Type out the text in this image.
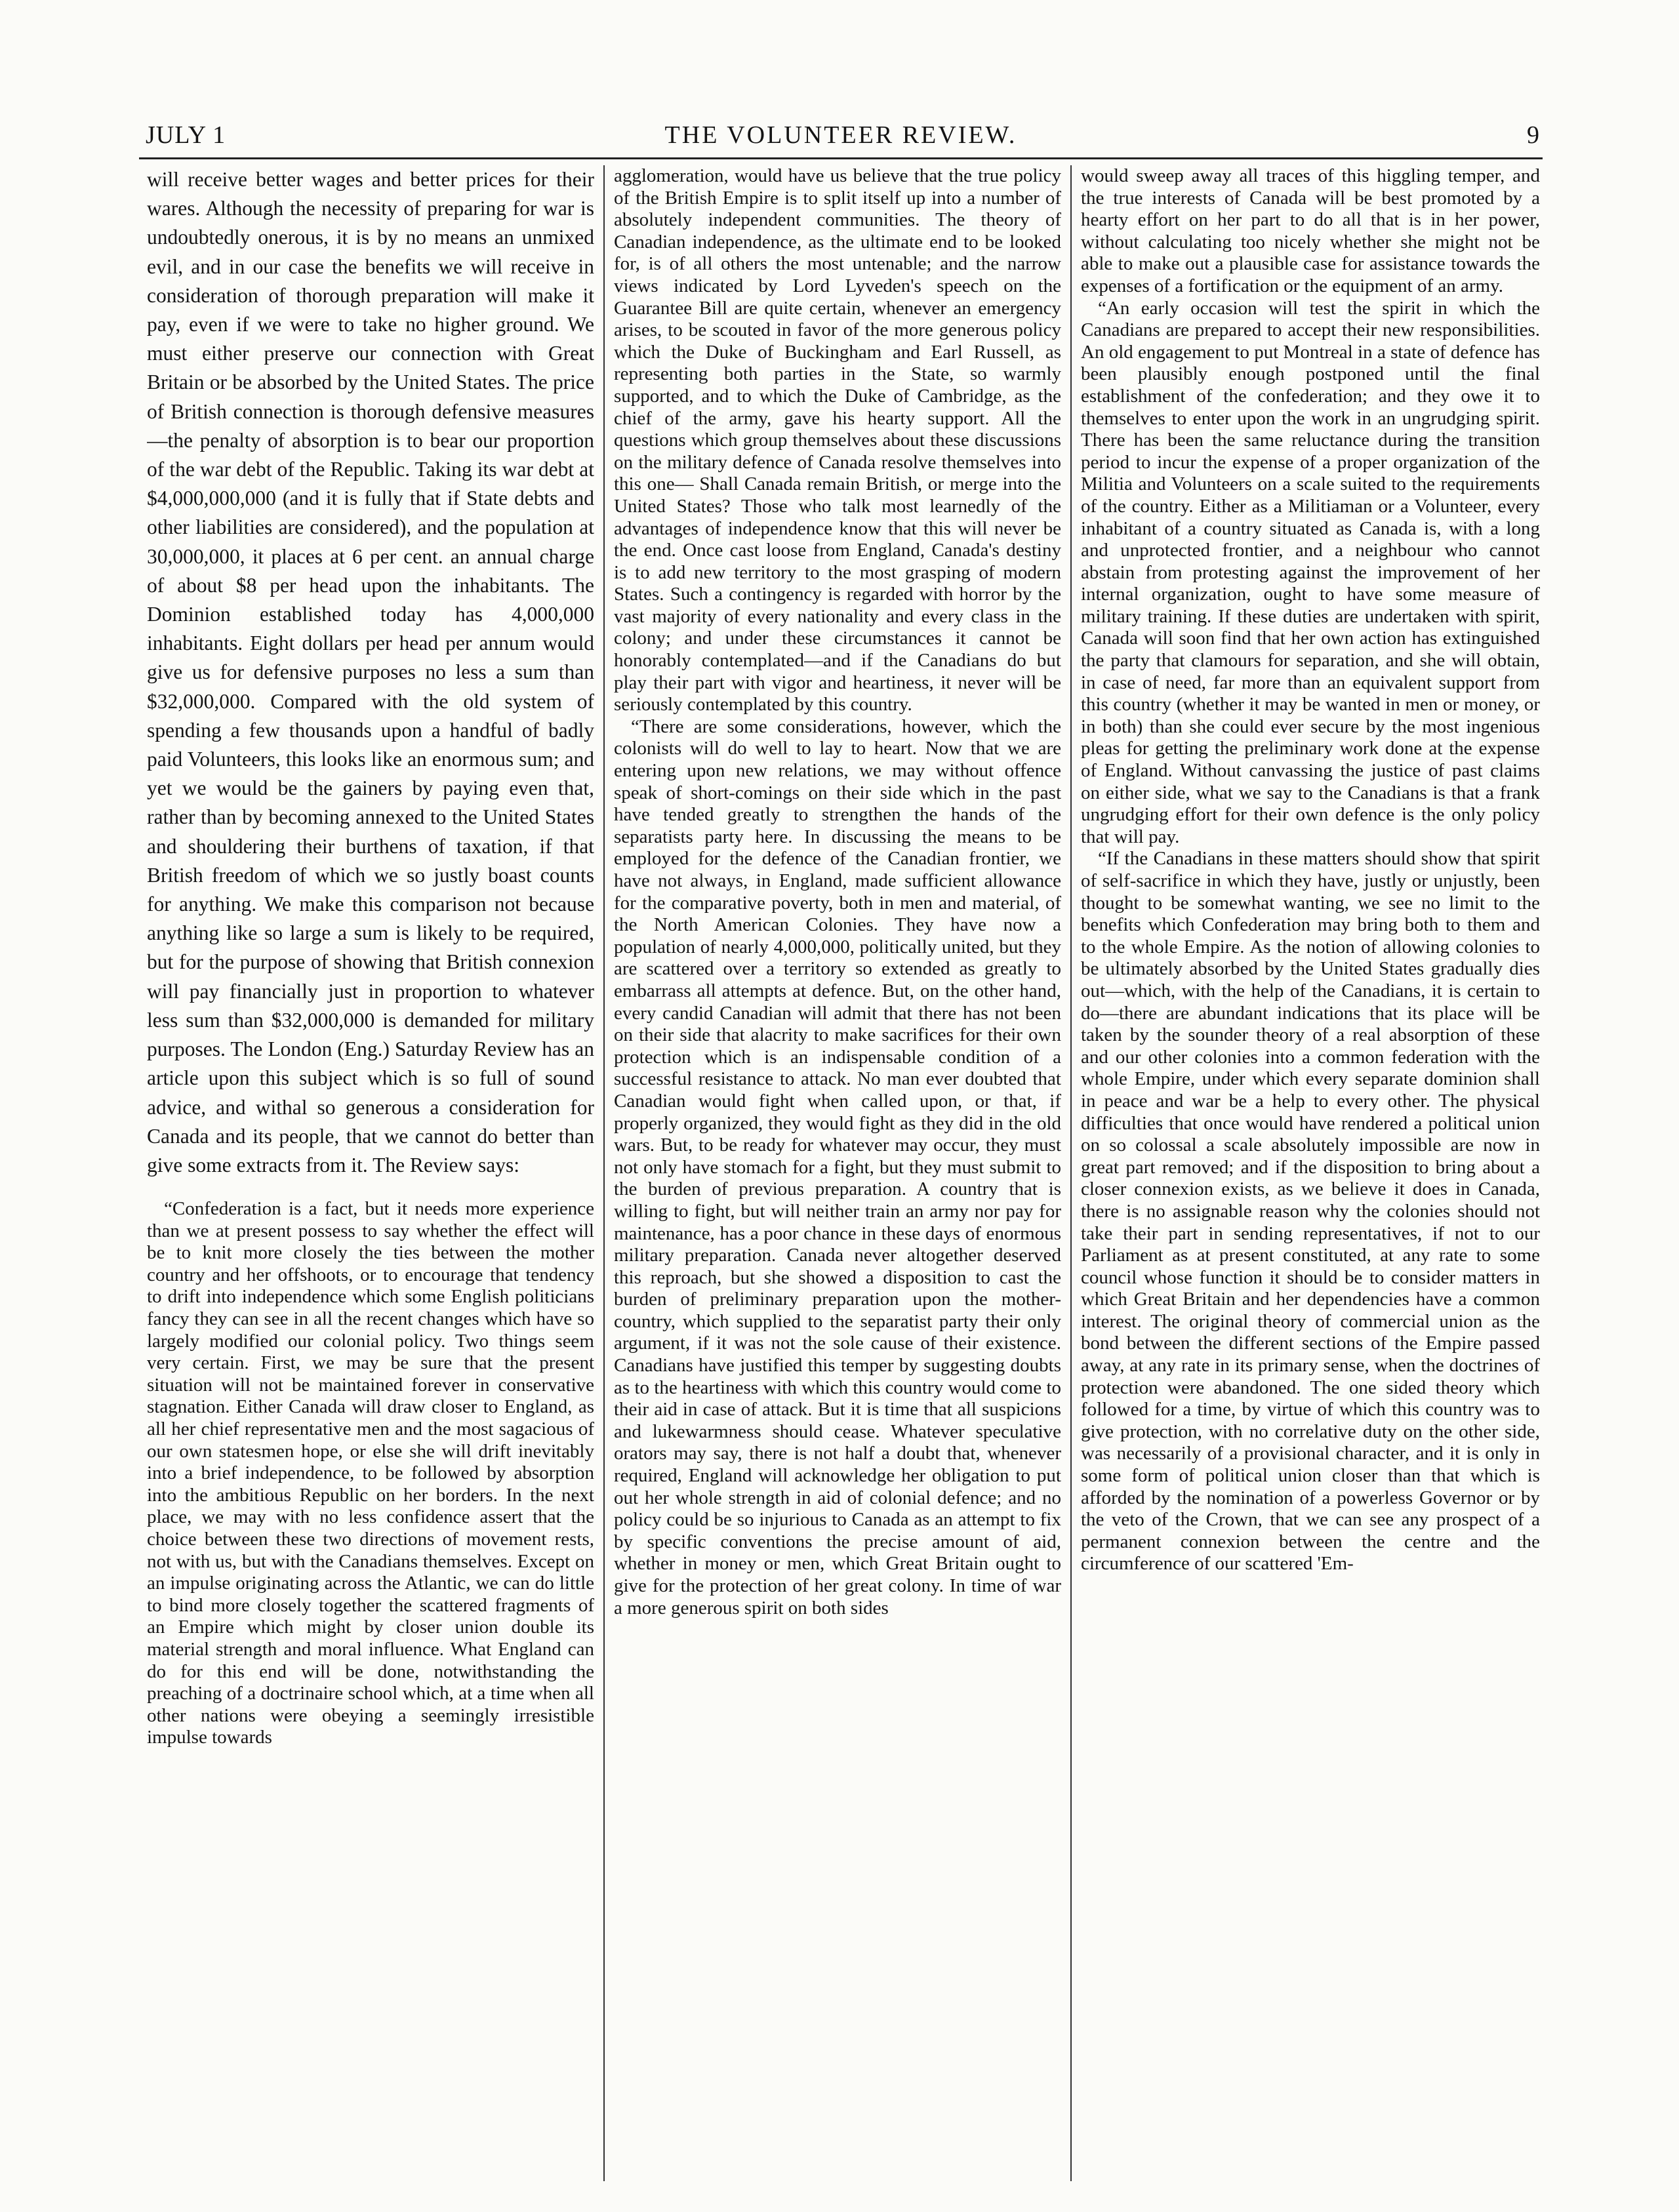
JULY 1	THE VOLUNTEER REVIEW.	9

will receive better wages and better prices for their wares. Although the necessity of preparing for war is undoubtedly onerous, it is by no means an unmixed evil, and in our case the benefits we will receive in consideration of thorough preparation will make it pay, even if we were to take no higher ground. We must either preserve our connection with Great Britain or be absorbed by the United States. The price of British connection is thorough defensive measures —the penalty of absorption is to bear our proportion of the war debt of the Republic. Taking its war debt at $4,000,000,000 (and it is fully that if State debts and other liabilities are considered), and the population at 30,000,000, it places at 6 per cent. an annual charge of about $8 per head upon the inhabitants. The Dominion established today has 4,000,000 inhabitants. Eight dollars per head per annum would give us for defensive purposes no less a sum than $32,000,000. Compared with the old system of spending a few thousands upon a handful of badly paid Volunteers, this looks like an enormous sum; and yet we would be the gainers by paying even that, rather than by becoming annexed to the United States and shouldering their burthens of taxation, if that British freedom of which we so justly boast counts for anything. We make this comparison not because anything like so large a sum is likely to be required, but for the purpose of showing that British connexion will pay financially just in proportion to whatever less sum than $32,000,000 is demanded for military purposes. The London (Eng.) Saturday Review has an article upon this subject which is so full of sound advice, and withal so generous a consideration for Canada and its people, that we cannot do better than give some extracts from it. The Review says:

“Confederation is a fact, but it needs more experience than we at present possess to say whether the effect will be to knit more closely the ties between the mother country and her offshoots, or to encourage that tendency to drift into independence which some English politicians fancy they can see in all the recent changes which have so largely modified our colonial policy. Two things seem very certain. First, we may be sure that the present situation will not be maintained forever in conservative stagnation. Either Canada will draw closer to England, as all her chief representative men and the most sagacious of our own statesmen hope, or else she will drift inevitably into a brief independence, to be followed by absorption into the ambitious Republic on her borders. In the next place, we may with no less confidence assert that the choice between these two directions of movement rests, not with us, but with the Canadians themselves. Except on an impulse originating across the Atlantic, we can do little to bind more closely together the scattered fragments of an Empire which might by closer union double its material strength and moral influence. What England can do for this end will be done, notwithstanding the preaching of a doctrinaire school which, at a time when all other nations were obeying a seemingly irresistible impulse towards

agglomeration, would have us believe that the true policy of the British Empire is to split itself up into a number of absolutely independent communities. The theory of Canadian independence, as the ultimate end to be looked for, is of all others the most untenable; and the narrow views indicated by Lord Lyveden's speech on the Guarantee Bill are quite certain, whenever an emergency arises, to be scouted in favor of the more generous policy which the Duke of Buckingham and Earl Russell, as representing both parties in the State, so warmly supported, and to which the Duke of Cambridge, as the chief of the army, gave his hearty support. All the questions which group themselves about these discussions on the military defence of Canada resolve themselves into this one— Shall Canada remain British, or merge into the United States? Those who talk most learnedly of the advantages of independence know that this will never be the end. Once cast loose from England, Canada's destiny is to add new territory to the most grasping of modern States. Such a contingency is regarded with horror by the vast majority of every nationality and every class in the colony; and under these circumstances it cannot be honorably contemplated—and if the Canadians do but play their part with vigor and heartiness, it never will be seriously contemplated by this country.

“There are some considerations, however, which the colonists will do well to lay to heart. Now that we are entering upon new relations, we may without offence speak of short-comings on their side which in the past have tended greatly to strengthen the hands of the separatists party here. In discussing the means to be employed for the defence of the Canadian frontier, we have not always, in England, made sufficient allowance for the comparative poverty, both in men and material, of the North American Colonies. They have now a population of nearly 4,000,000, politically united, but they are scattered over a territory so extended as greatly to embarrass all attempts at defence. But, on the other hand, every candid Canadian will admit that there has not been on their side that alacrity to make sacrifices for their own protection which is an indispensable condition of a successful resistance to attack. No man ever doubted that Canadian would fight when called upon, or that, if properly organized, they would fight as they did in the old wars. But, to be ready for whatever may occur, they must not only have stomach for a fight, but they must submit to the burden of previous preparation. A country that is willing to fight, but will neither train an army nor pay for maintenance, has a poor chance in these days of enormous military preparation. Canada never altogether deserved this reproach, but she showed a disposition to cast the burden of preliminary preparation upon the mother-country, which supplied to the separatist party their only argument, if it was not the sole cause of their existence. Canadians have justified this temper by suggesting doubts as to the heartiness with which this country would come to their aid in case of attack. But it is time that all suspicions and lukewarmness should cease. Whatever speculative orators may say, there is not half a doubt that, whenever required, England will acknowledge her obligation to put out her whole strength in aid of colonial defence; and no policy could be so injurious to Canada as an attempt to fix by specific conventions the precise amount of aid, whether in money or men, which Great Britain ought to give for the protection of her great colony. In time of war a more generous spirit on both sides

would sweep away all traces of this higgling temper, and the true interests of Canada will be best promoted by a hearty effort on her part to do all that is in her power, without calculating too nicely whether she might not be able to make out a plausible case for assistance towards the expenses of a fortification or the equipment of an army.

“An early occasion will test the spirit in which the Canadians are prepared to accept their new responsibilities. An old engagement to put Montreal in a state of defence has been plausibly enough postponed until the final establishment of the confederation; and they owe it to themselves to enter upon the work in an ungrudging spirit. There has been the same reluctance during the transition period to incur the expense of a proper organization of the Militia and Volunteers on a scale suited to the requirements of the country. Either as a Militiaman or a Volunteer, every inhabitant of a country situated as Canada is, with a long and unprotected frontier, and a neighbour who cannot abstain from protesting against the improvement of her internal organization, ought to have some measure of military training. If these duties are undertaken with spirit, Canada will soon find that her own action has extinguished the party that clamours for separation, and she will obtain, in case of need, far more than an equivalent support from this country (whether it may be wanted in men or money, or in both) than she could ever secure by the most ingenious pleas for getting the preliminary work done at the expense of England. Without canvassing the justice of past claims on either side, what we say to the Canadians is that a frank ungrudging effort for their own defence is the only policy that will pay.

“If the Canadians in these matters should show that spirit of self-sacrifice in which they have, justly or unjustly, been thought to be somewhat wanting, we see no limit to the benefits which Confederation may bring both to them and to the whole Empire. As the notion of allowing colonies to be ultimately absorbed by the United States gradually dies out—which, with the help of the Canadians, it is certain to do—there are abundant indications that its place will be taken by the sounder theory of a real absorption of these and our other colonies into a common federation with the whole Empire, under which every separate dominion shall in peace and war be a help to every other. The physical difficulties that once would have rendered a political union on so colossal a scale absolutely impossible are now in great part removed; and if the disposition to bring about a closer connexion exists, as we believe it does in Canada, there is no assignable reason why the colonies should not take their part in sending representatives, if not to our Parliament as at present constituted, at any rate to some council whose function it should be to consider matters in which Great Britain and her dependencies have a common interest. The original theory of commercial union as the bond between the different sections of the Empire passed away, at any rate in its primary sense, when the doctrines of protection were abandoned. The one sided theory which followed for a time, by virtue of which this country was to give protection, with no correlative duty on the other side, was necessarily of a provisional character, and it is only in some form of political union closer than that which is afforded by the nomination of a powerless Governor or by the veto of the Crown, that we can see any prospect of a permanent connexion between the centre and the circumference of our scattered 'Em-
